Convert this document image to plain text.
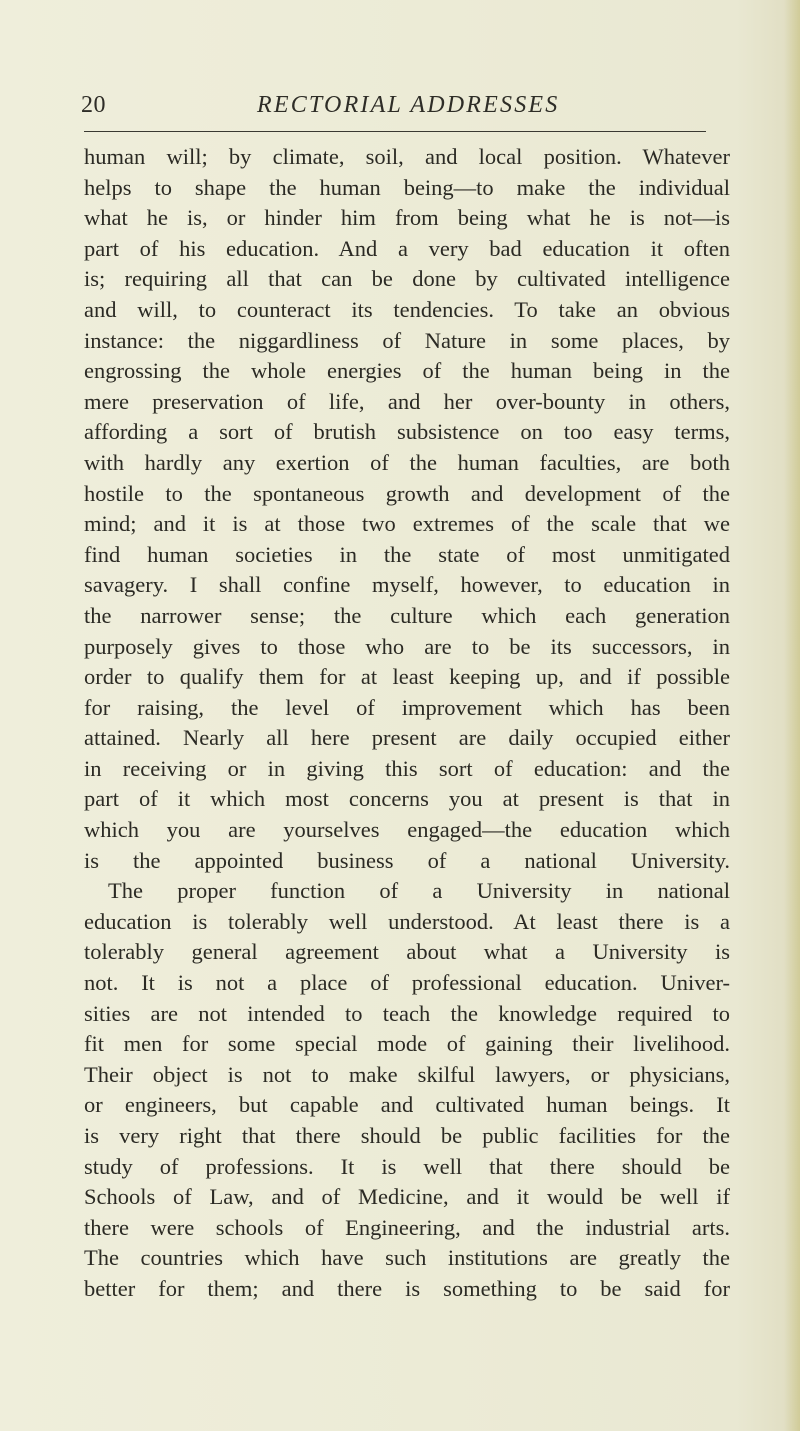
20	RECTORIAL ADDRESSES
human will; by climate, soil, and local position. Whatever
helps to shape the human being—to make the individual
what he is, or hinder him from being what he is not—is
part of his education. And a very bad education it often
is; requiring all that can be done by cultivated intelligence
and will, to counteract its tendencies. To take an obvious
instance: the niggardliness of Nature in some places, by
engrossing the whole energies of the human being in the
mere preservation of life, and her over-bounty in others,
affording a sort of brutish subsistence on too easy terms,
with hardly any exertion of the human faculties, are both
hostile to the spontaneous growth and development of the
mind; and it is at those two extremes of the scale that we
find human societies in the state of most unmitigated
savagery. I shall confine myself, however, to education in
the narrower sense; the culture which each generation
purposely gives to those who are to be its successors, in
order to qualify them for at least keeping up, and if possible
for raising, the level of improvement which has been
attained. Nearly all here present are daily occupied either
in receiving or in giving this sort of education: and the
part of it which most concerns you at present is that in
which you are yourselves engaged—the education which
is the appointed business of a national University.
The proper function of a University in national
education is tolerably well understood. At least there is a
tolerably general agreement about what a University is
not. It is not a place of professional education. Univer-
sities are not intended to teach the knowledge required to
fit men for some special mode of gaining their livelihood.
Their object is not to make skilful lawyers, or physicians,
or engineers, but capable and cultivated human beings. It
is very right that there should be public facilities for the
study of professions. It is well that there should be
Schools of Law, and of Medicine, and it would be well if
there were schools of Engineering, and the industrial arts.
The countries which have such institutions are greatly the
better for them; and there is something to be said for
